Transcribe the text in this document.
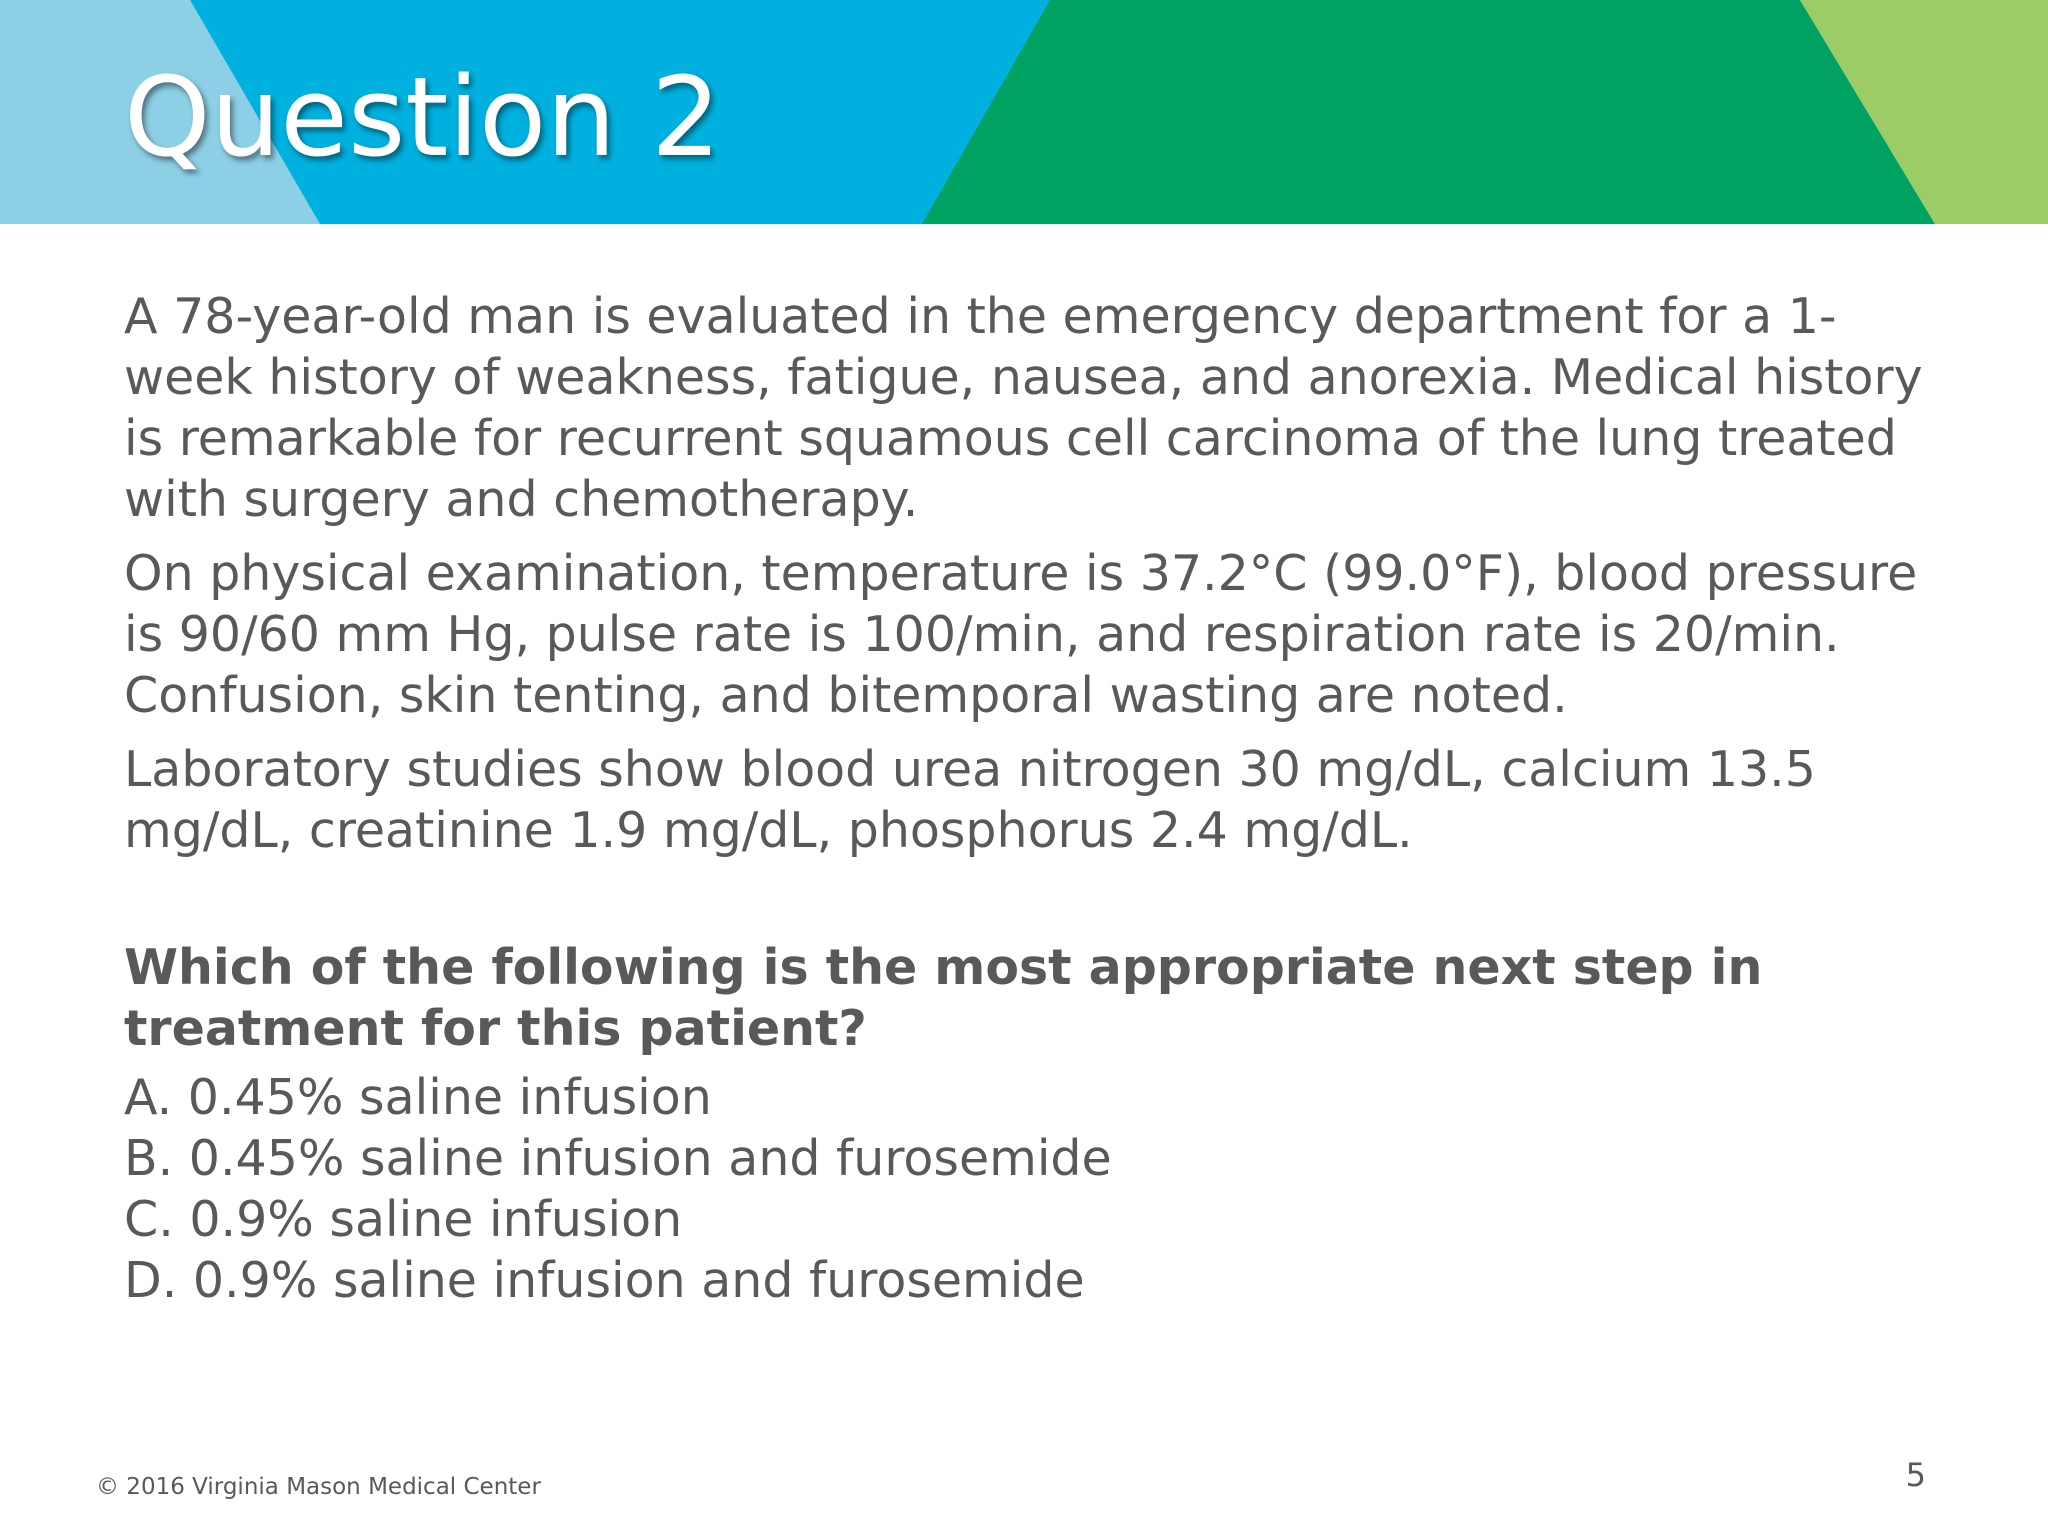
Question 2

A 78-year-old man is evaluated in the emergency department for a 1-week history of weakness, fatigue, nausea, and anorexia. Medical history is remarkable for recurrent squamous cell carcinoma of the lung treated with surgery and chemotherapy.

On physical examination, temperature is 37.2°C (99.0°F), blood pressure is 90/60 mm Hg, pulse rate is 100/min, and respiration rate is 20/min. Confusion, skin tenting, and bitemporal wasting are noted.

Laboratory studies show blood urea nitrogen 30 mg/dL, calcium 13.5 mg/dL, creatinine 1.9 mg/dL, phosphorus 2.4 mg/dL.

Which of the following is the most appropriate next step in treatment for this patient?

A. 0.45% saline infusion
B. 0.45% saline infusion and furosemide
C. 0.9% saline infusion
D. 0.9% saline infusion and furosemide
© 2016 Virginia Mason Medical Center	5
